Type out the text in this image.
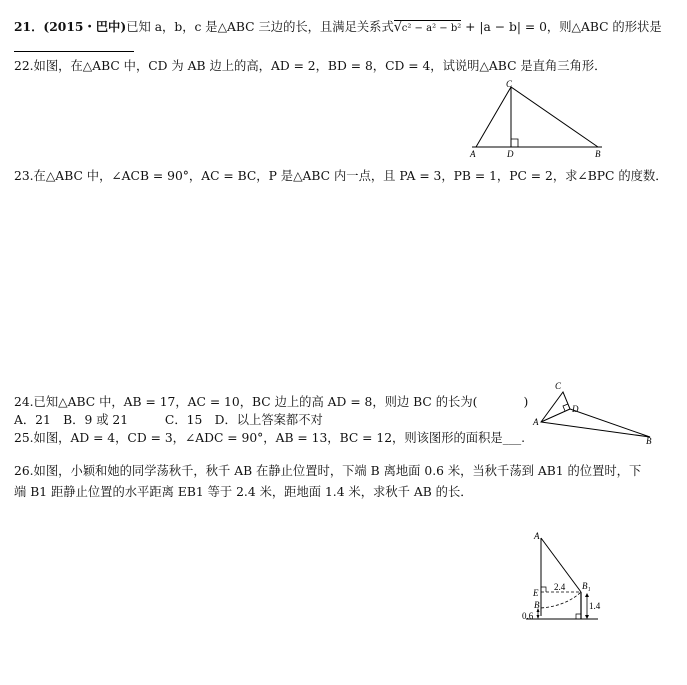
21．(2015・巴中)已知 a，b，c 是△ABC 三边的长，且满足关系式 √ c² − a² − b² + |a − b| = 0，则△ABC 的形状是
22.如图，在△ABC 中，CD 为 AB 边上的高，AD = 2，BD = 8，CD = 4，试说明△ABC 是直角三角形．
C
A	D	B
23.在△ABC 中，∠ACB = 90°，AC = BC，P 是△ABC 内一点，且 PA = 3，PB = 1，PC = 2，求∠BPC 的度数．
24.已知△ABC 中，AB = 17，AC = 10，BC 边上的高 AD = 8，则边 BC 的长为(	)
A．21　B．9 或 21　　　C．15　D．以上答案都不对
C
D
A
B
25.如图，AD = 4，CD = 3，∠ADC = 90°，AB = 13，BC = 12，则该图形的面积是___.
26.如图，小颖和她的同学荡秋千，秋千 AB 在静止位置时，下端 B 离地面 0.6 米，当秋千荡到 AB1 的位置时，下
端 B1 距静止位置的水平距离 EB1 等于 2.4 米，距地面 1.4 米，求秋千 AB 的长．
A
E
B
B₁
2.4
1.4
0.6
